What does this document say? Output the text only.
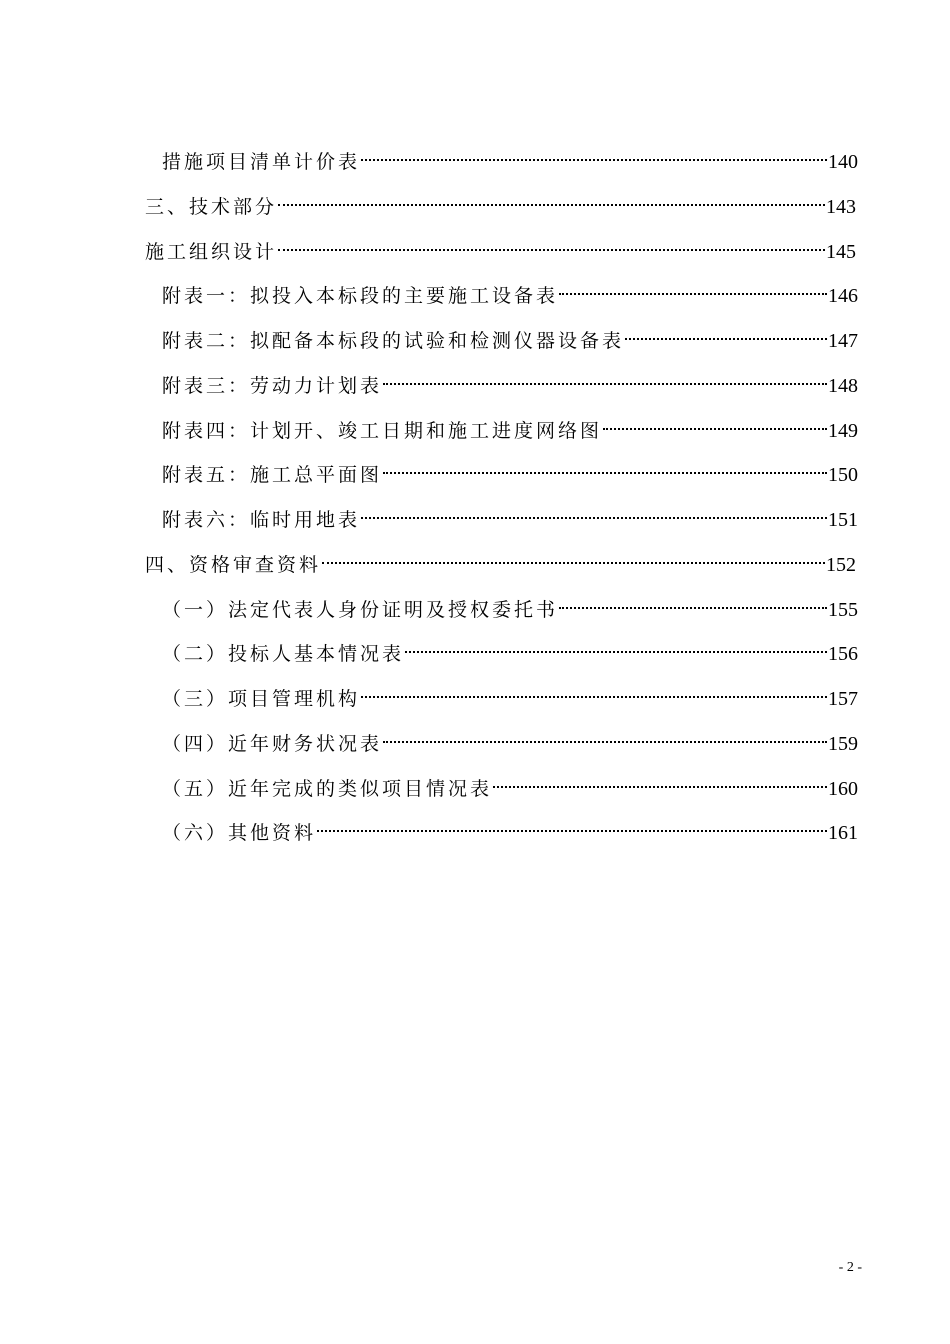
措施项目清单计价表	140
三、技术部分	143
施工组织设计	145
附表一：拟投入本标段的主要施工设备表	146
附表二：拟配备本标段的试验和检测仪器设备表	147
附表三：劳动力计划表	148
附表四：计划开、竣工日期和施工进度网络图	149
附表五：施工总平面图	150
附表六：临时用地表	151
四、资格审查资料	152
（一）法定代表人身份证明及授权委托书	155
（二）投标人基本情况表	156
（三）项目管理机构	157
（四）近年财务状况表	159
（五）近年完成的类似项目情况表	160
（六）其他资料	161
- 2 -
